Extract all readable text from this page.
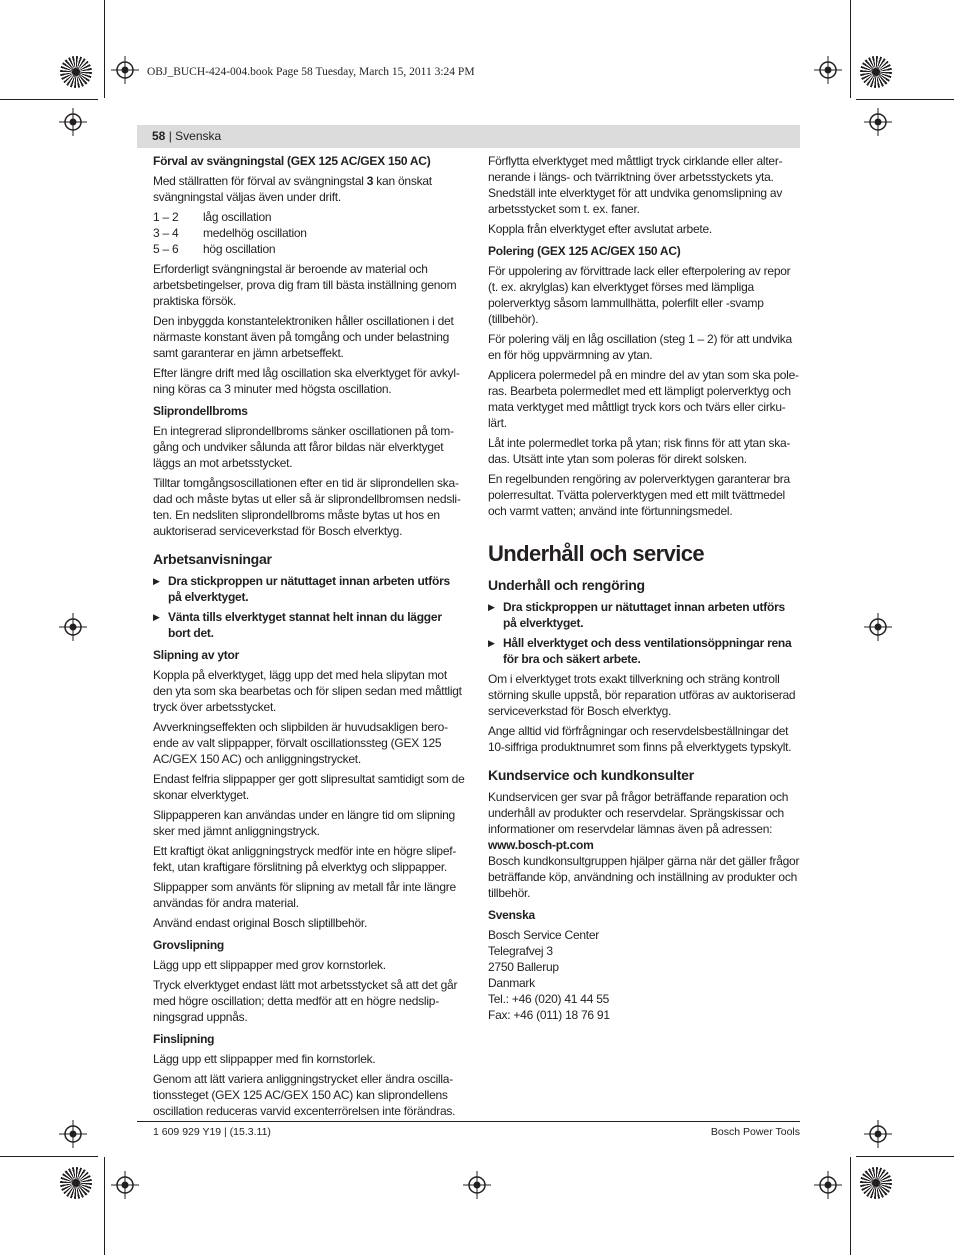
OBJ_BUCH-424-004.book Page 58 Tuesday, March 15, 2011 3:24 PM
58 | Svenska
Förval av svängningstal (GEX 125 AC/GEX 150 AC)

Med ställratten för förval av svängningstal 3 kan önskat svängningstal väljas även under drift.

1 – 2	låg oscillation
3 – 4	medelhög oscillation
5 – 6	hög oscillation

Erforderligt svängningstal är beroende av material och arbetsbetingelser, prova dig fram till bästa inställning genom praktiska försök.

Den inbyggda konstantelektroniken håller oscillationen i det närmaste konstant även på tomgång och under belastning samt garanterar en jämn arbetseffekt.

Efter längre drift med låg oscillation ska elverktyget för avkylning köras ca 3 minuter med högsta oscillation.

Sliprondellbroms

En integrerad sliprondellbroms sänker oscillationen på tomgång och undviker sålunda att fåror bildas när elverktyget läggs an mot arbetsstycket.

Tilltar tomgångsoscillationen efter en tid är sliprondellen skadad och måste bytas ut eller så är sliprondellbromsen nedsliten. En nedsliten sliprondellbroms måste bytas ut hos en auktoriserad serviceverkstad för Bosch elverktyg.

Arbetsanvisningar
▶ Dra stickproppen ur nätuttaget innan arbeten utförs på elverktyget.
▶ Vänta tills elverktyget stannat helt innan du lägger bort det.
Slipning av ytor

Koppla på elverktyget, lägg upp det med hela slipytan mot den yta som ska bearbetas och för slipen sedan med måttligt tryck över arbetsstycket.

Avverkningseffekten och slipbilden är huvudsakligen beroende av valt slippapper, förvalt oscillationssteg (GEX 125 AC/GEX 150 AC) och anliggningstrycket.

Endast felfria slippapper ger gott slipresultat samtidigt som de skonar elverktyget.

Slippapperen kan användas under en längre tid om slipning sker med jämnt anliggningstryck.

Ett kraftigt ökat anliggningstryck medför inte en högre slipeffekt, utan kraftigare förslitning på elverktyg och slippapper.

Slippapper som använts för slipning av metall får inte längre användas för andra material.

Använd endast original Bosch sliptillbehör.

Grovslipning

Lägg upp ett slippapper med grov kornstorlek.

Tryck elverktyget endast lätt mot arbetsstycket så att det går med högre oscillation; detta medför att en högre nedslipningsgrad uppnås.

Finslipning

Lägg upp ett slippapper med fin kornstorlek.

Genom att lätt variera anliggningstrycket eller ändra oscillationssteget (GEX 125 AC/GEX 150 AC) kan sliprondellens oscillation reduceras varvid excenterrörelsen inte förändras.

Förflytta elverktyget med måttligt tryck cirklande eller alternerande i längs- och tvärriktning över arbetsstyckets yta. Snedställ inte elverktyget för att undvika genomslipning av arbetsstycket som t. ex. faner.

Koppla från elverktyget efter avslutat arbete.

Polering (GEX 125 AC/GEX 150 AC)

För uppolering av förvittrade lack eller efterpolering av repor (t. ex. akrylglas) kan elverktyget förses med lämpliga polerverktyg såsom lammullhätta, polerfilt eller -svamp (tillbehör).

För polering välj en låg oscillation (steg 1 – 2) för att undvika en för hög uppvärmning av ytan.

Applicera polermedel på en mindre del av ytan som ska poleras. Bearbeta polermedlet med ett lämpligt polerverktyg och mata verktyget med måttligt tryck kors och tvärs eller cirkulärt.

Låt inte polermedlet torka på ytan; risk finns för att ytan skadas. Utsätt inte ytan som poleras för direkt solsken.

En regelbunden rengöring av polerverktygen garanterar bra polerresultat. Tvätta polerverktygen med ett milt tvättmedel och varmt vatten; använd inte förtunningsmedel.

Underhåll och service
Underhåll och rengöring
▶ Dra stickproppen ur nätuttaget innan arbeten utförs på elverktyget.
▶ Håll elverktyget och dess ventilationsöppningar rena för bra och säkert arbete.

Om i elverktyget trots exakt tillverkning och sträng kontroll störning skulle uppstå, bör reparation utföras av auktoriserad serviceverkstad för Bosch elverktyg.

Ange alltid vid förfrågningar och reservdelsbeställningar det 10-siffriga produktnumret som finns på elverktygets typskylt.

Kundservice och kundkonsulter

Kundservicen ger svar på frågor beträffande reparation och underhåll av produkter och reservdelar. Sprängskissar och informationer om reservdelar lämnas även på adressen:

www.bosch-pt.com

Bosch kundkonsultgruppen hjälper gärna när det gäller frågor beträffande köp, användning och inställning av produkter och tillbehör.

Svenska
Bosch Service Center
Telegrafvej 3
2750 Ballerup
Danmark
Tel.: +46 (020) 41 44 55
Fax: +46 (011) 18 76 91
1 609 929 Y19 | (15.3.11)	Bosch Power Tools
